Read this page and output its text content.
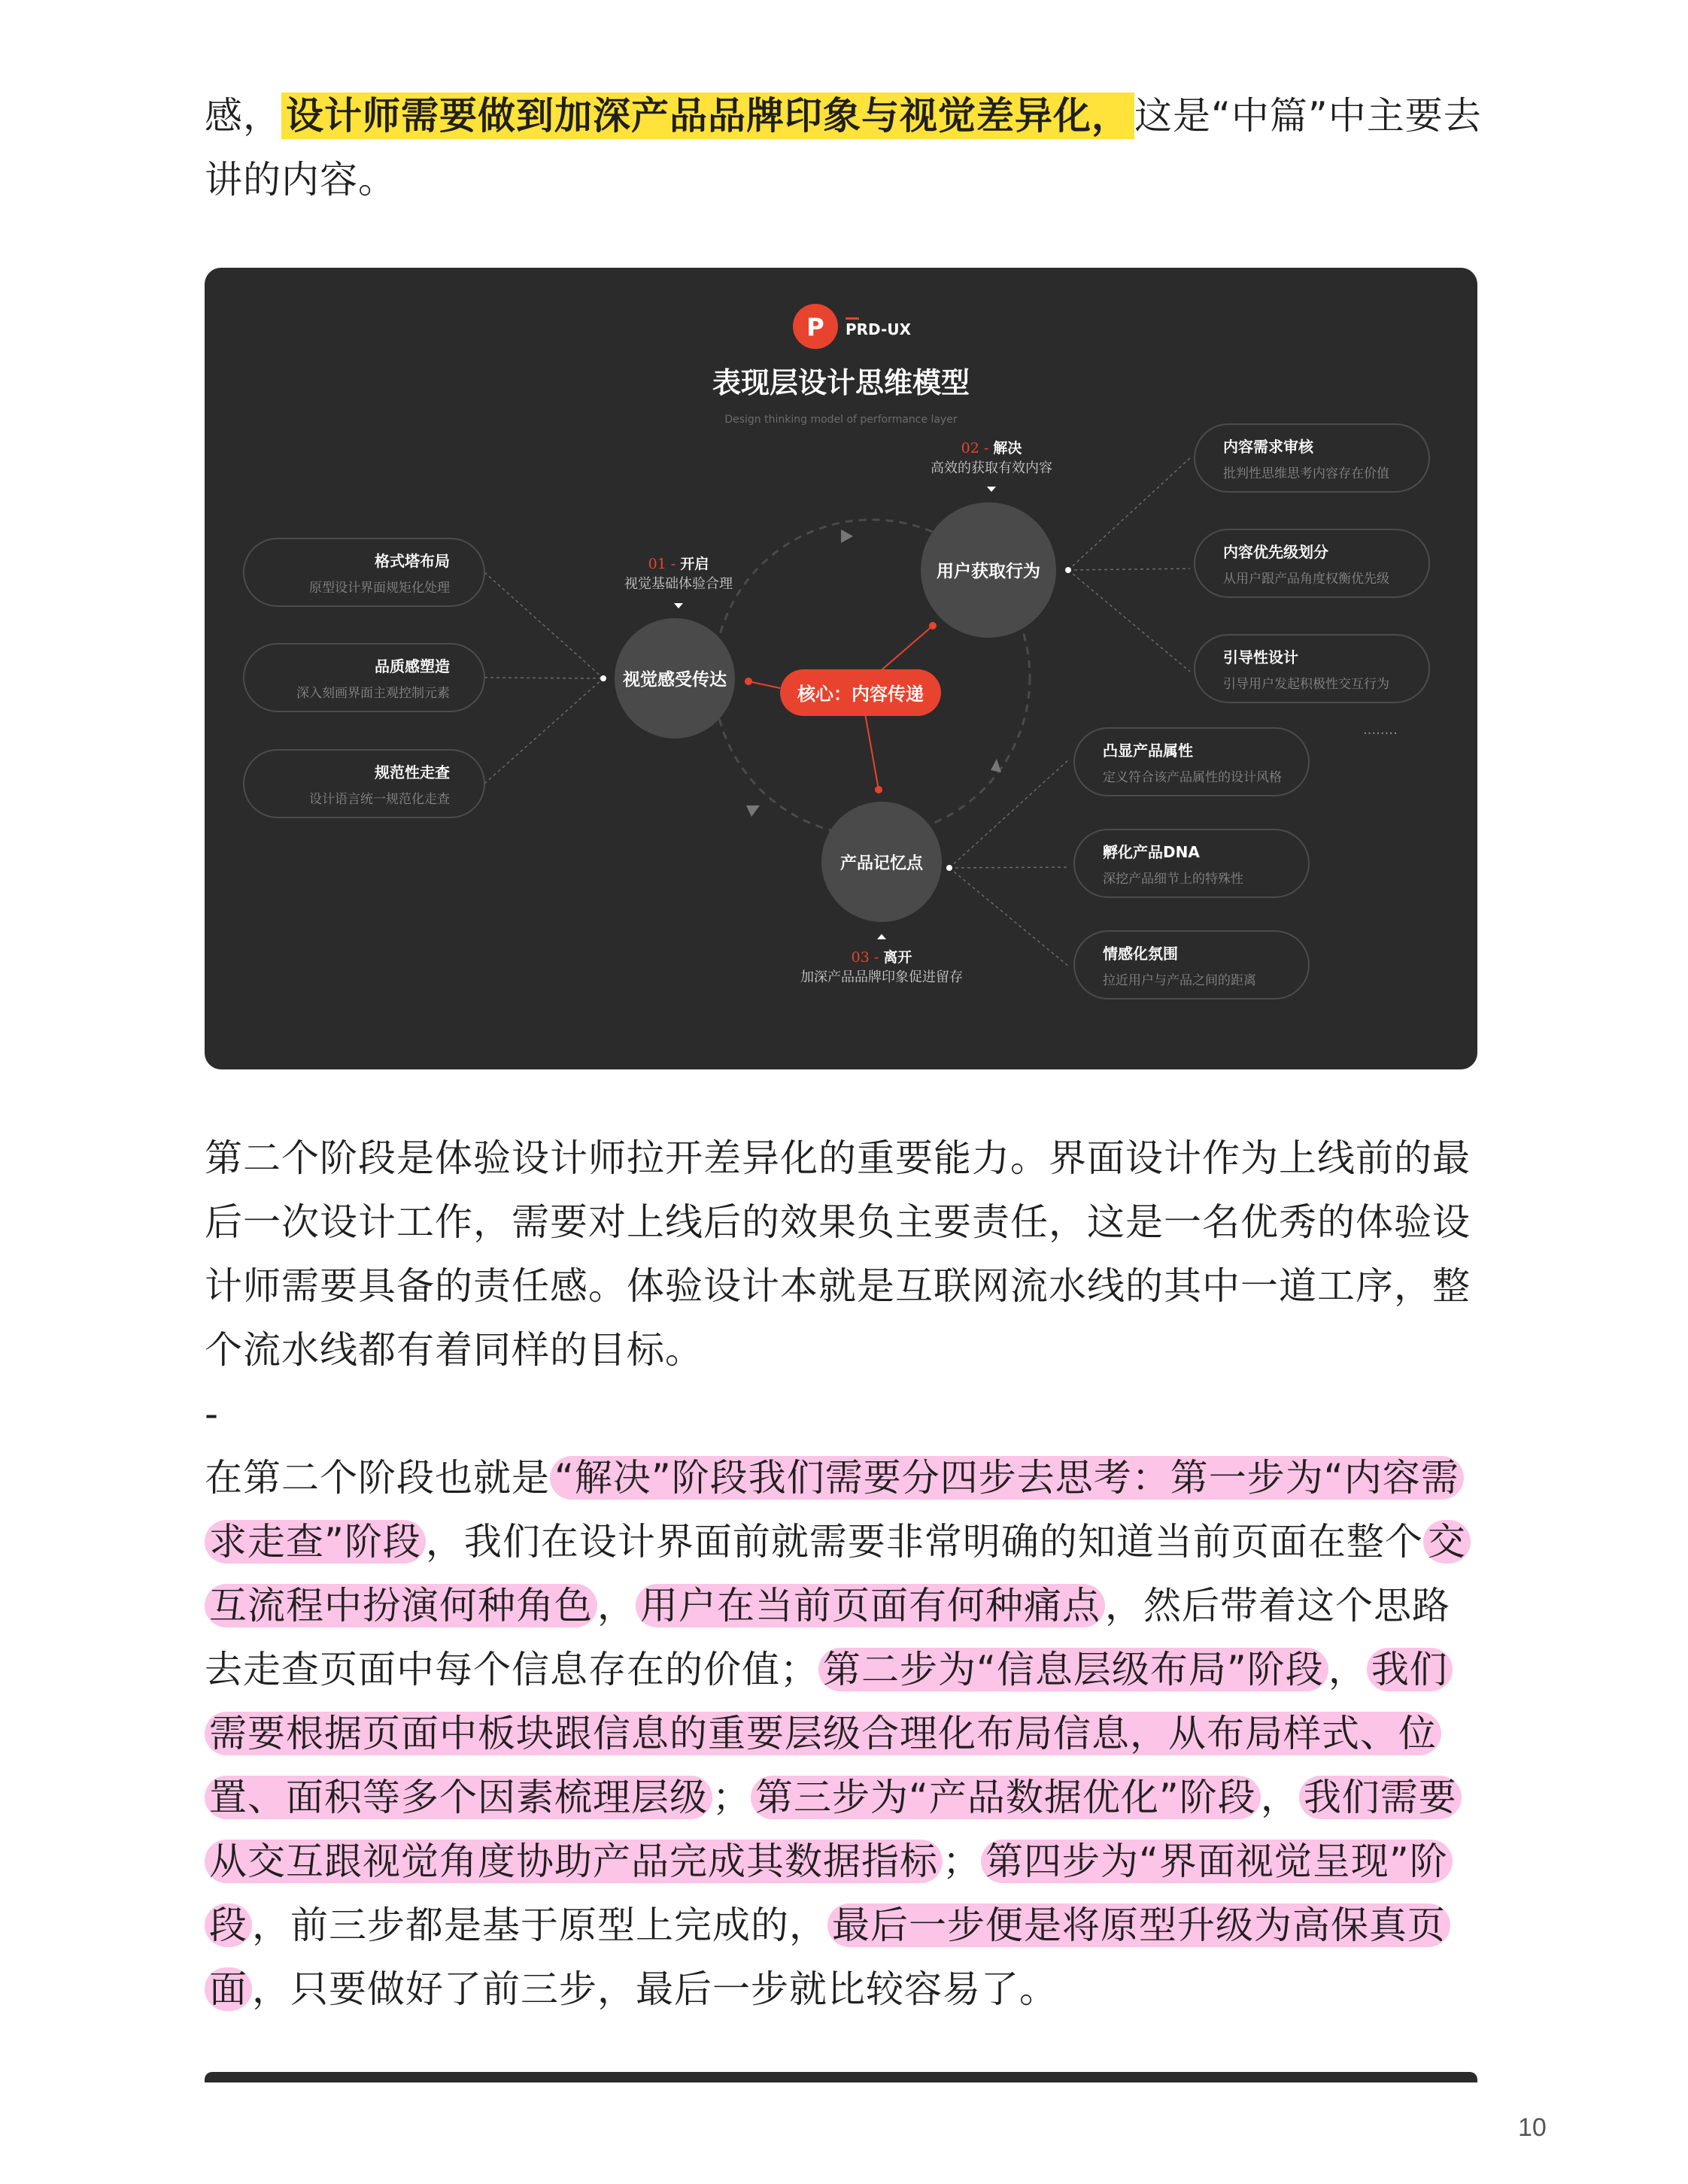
感， 设计师需要做到加深产品品牌印象与视觉差异化， 这是“中篇”中主要去讲的内容。

P PRD-UX
表现层设计思维模型
Design thinking model of performance layer
核心：内容传递
视觉感受传达
用户获取行为
产品记忆点
01 - 开启
视觉基础体验合理
02 - 解决
高效的获取有效内容
03 - 离开
加深产品品牌印象促进留存
格式塔布局
原型设计界面规矩化处理
品质感塑造
深入刻画界面主观控制元素
规范性走查
设计语言统一规范化走查
内容需求审核
批判性思维思考内容存在价值
内容优先级划分
从用户跟产品角度权衡优先级
引导性设计
引导用户发起积极性交互行为
........
凸显产品属性
定义符合该产品属性的设计风格
孵化产品DNA
深挖产品细节上的特殊性
情感化氛围
拉近用户与产品之间的距离

第二个阶段是体验设计师拉开差异化的重要能力。界面设计作为上线前的最后一次设计工作，需要对上线后的效果负主要责任，这是一名优秀的体验设计师需要具备的责任感。体验设计本就是互联网流水线的其中一道工序，整个流水线都有着同样的目标。

-

在第二个阶段也就是 “解决”阶段我们需要分四步去思考：第一步为“内容需求走查”阶段 ，我们在设计界面前就需要非常明确的知道当前页面在整个 交互流程中扮演何种角色 ， 用户在当前页面有何种痛点 ，然后带着这个思路去走查页面中每个信息存在的价值； 第二步为“信息层级布局”阶段 ， 我们需要根据页面中板块跟信息的重要层级合理化布局信息，从布局样式、位置、面积等多个因素梳理层级 ； 第三步为“产品数据优化”阶段 ， 我们需要从交互跟视觉角度协助产品完成其数据指标 ； 第四步为“界面视觉呈现”阶段 ，前三步都是基于原型上完成的， 最后一步便是将原型升级为高保真页面 ，只要做好了前三步，最后一步就比较容易了。

10
